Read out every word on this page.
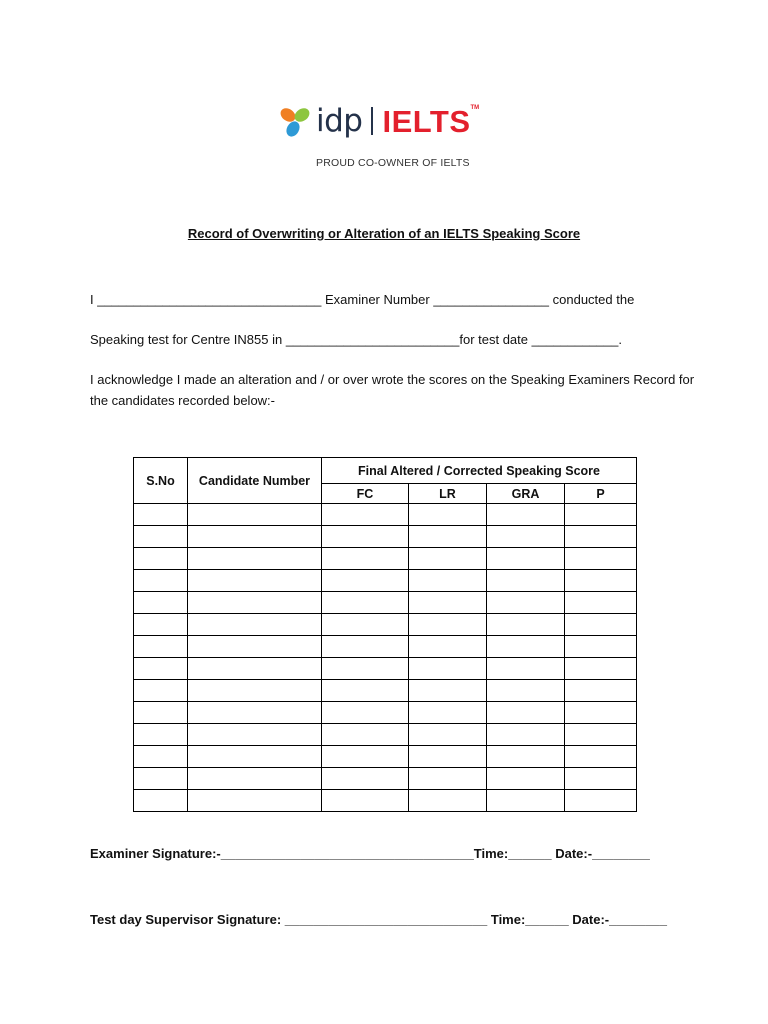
idp IELTS TM
PROUD CO-OWNER OF IELTS
Record of Overwriting or Alteration of an IELTS Speaking Score
I _______________________________ Examiner Number ________________ conducted the
Speaking test for Centre IN855 in ________________________for test date ____________.
I acknowledge I made an alteration and / or over wrote the scores on the Speaking Examiners Record for
the candidates recorded below:-
S.No	Candidate Number	Final Altered / Corrected Speaking Score			
		FC	LR	GRA	P

Examiner Signature:-___________________________________Time:______ Date:-________
Test day Supervisor Signature: ____________________________ Time:______ Date:-________
